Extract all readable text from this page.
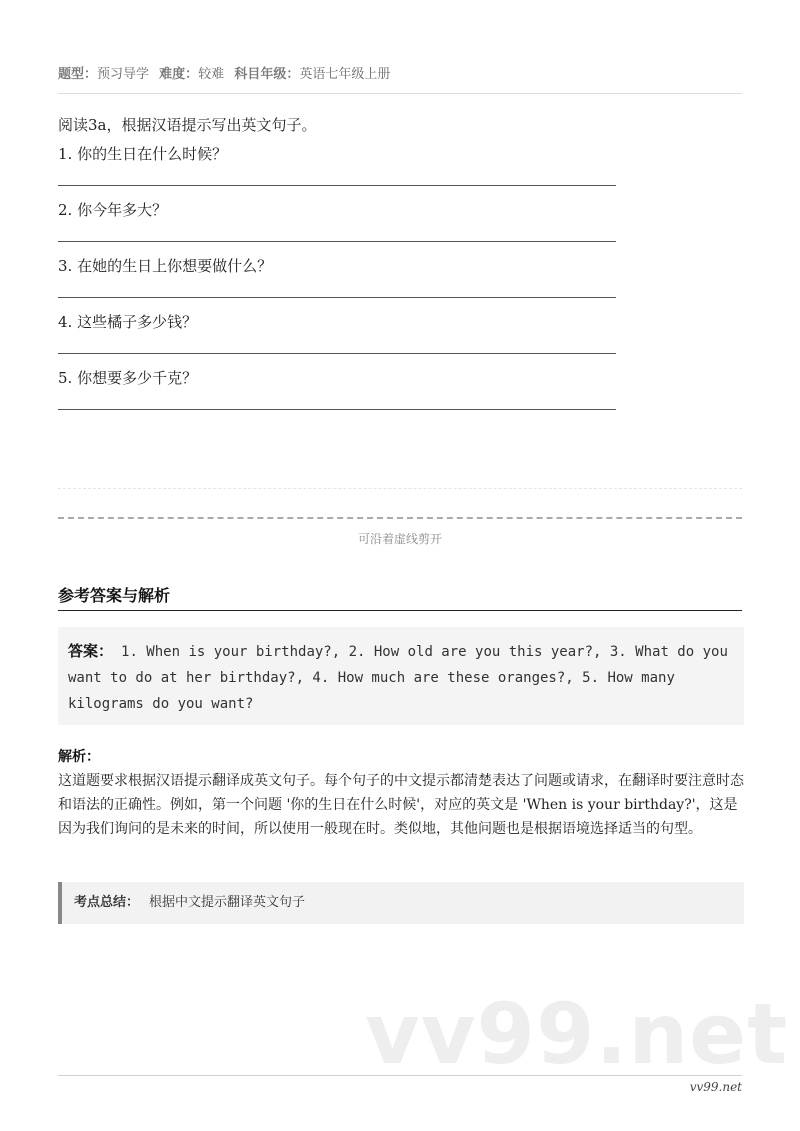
题型：预习导学 难度：较难 科目年级：英语七年级上册
阅读3a，根据汉语提示写出英文句子。
1. 你的生日在什么时候？
2. 你今年多大？
3. 在她的生日上你想要做什么？
4. 这些橘子多少钱？
5. 你想要多少千克？
可沿着虚线剪开
参考答案与解析
答案： 1. When is your birthday?, 2. How old are you this year?, 3. What do you want to do at her birthday?, 4. How much are these oranges?, 5. How many kilograms do you want?
解析：
这道题要求根据汉语提示翻译成英文句子。每个句子的中文提示都清楚表达了问题或请求，在翻译时要注意时态和语法的正确性。例如，第一个问题 '你的生日在什么时候'，对应的英文是 'When is your birthday?'，这是因为我们询问的是未来的时间，所以使用一般现在时。类似地，其他问题也是根据语境选择适当的句型。
考点总结： 根据中文提示翻译英文句子
vv99.net
vv99.net
